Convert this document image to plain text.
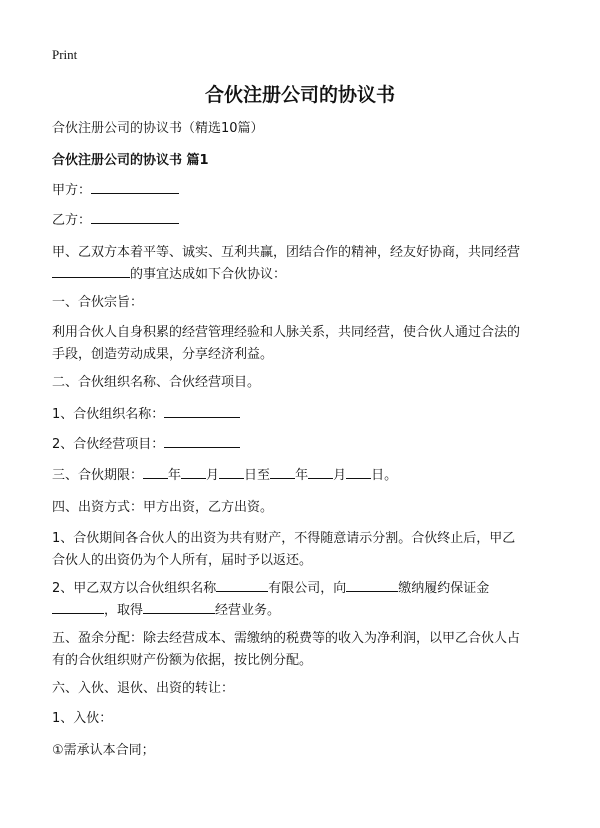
Print
合伙注册公司的协议书
合伙注册公司的协议书（精选10篇）
合伙注册公司的协议书 篇1
甲方：
乙方：
甲、乙双方本着平等、诚实、互利共赢，团结合作的精神，经友好协商，共同经营
的事宜达成如下合伙协议：
一、合伙宗旨：
利用合伙人自身积累的经营管理经验和人脉关系，共同经营，使合伙人通过合法的
手段，创造劳动成果，分享经济利益。
二、合伙组织名称、合伙经营项目。
1、合伙组织名称：
2、合伙经营项目：
三、合伙期限： 年 月 日至 年 月 日。
四、出资方式：甲方出资，乙方出资。
1、合伙期间各合伙人的出资为共有财产，不得随意请示分割。合伙终止后，甲乙
合伙人的出资仍为个人所有，届时予以返还。
2、甲乙双方以合伙组织名称	有限公司，向	缴纳履约保证金
，取得	经营业务。
五、盈余分配：除去经营成本、需缴纳的税费等的收入为净利润，以甲乙合伙人占
有的合伙组织财产份额为依据，按比例分配。
六、入伙、退伙、出资的转让：
1、入伙：
①需承认本合同；
